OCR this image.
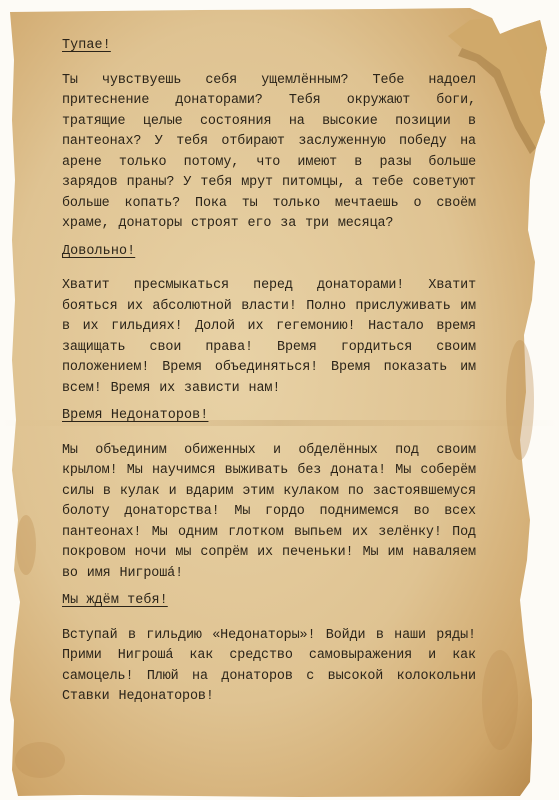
Тупае!

Ты чувствуешь себя ущемлённым? Тебе надоел притеснение донаторами? Тебя окружают боги, тратящие целые состояния на высокие позиции в пантеонах? У тебя отбирают заслуженную победу на арене только потому, что имеют в разы больше зарядов праны? У тебя мрут питомцы, а тебе советуют больше копать? Пока ты только мечтаешь о своём храме, донаторы строят его за три месяца?

Довольно!

Хватит пресмыкаться перед донаторами! Хватит бояться их абсолютной власти! Полно прислуживать им в их гильдиях! Долой их гегемонию! Настало время защищать свои права! Время гордиться своим положением! Время объединяться! Время показать им всем! Время их зависти нам!

Время Недонаторов!

Мы объединим обиженных и обделённых под своим крылом! Мы научимся выживать без доната! Мы соберём силы в кулак и вдарим этим кулаком по застоявшемуся болоту донаторства! Мы гордо поднимемся во всех пантеонах! Мы одним глотком выпьем их зелёнку! Под покровом ночи мы сопрём их печеньки! Мы им наваляем во имя Нигрошá!

Мы ждём тебя!

Вступай в гильдию «Недонаторы»! Войди в наши ряды! Прими Нигрошá как средство самовыражения и как самоцель! Плюй на донаторов с высокой колокольни Ставки Недонаторов!
